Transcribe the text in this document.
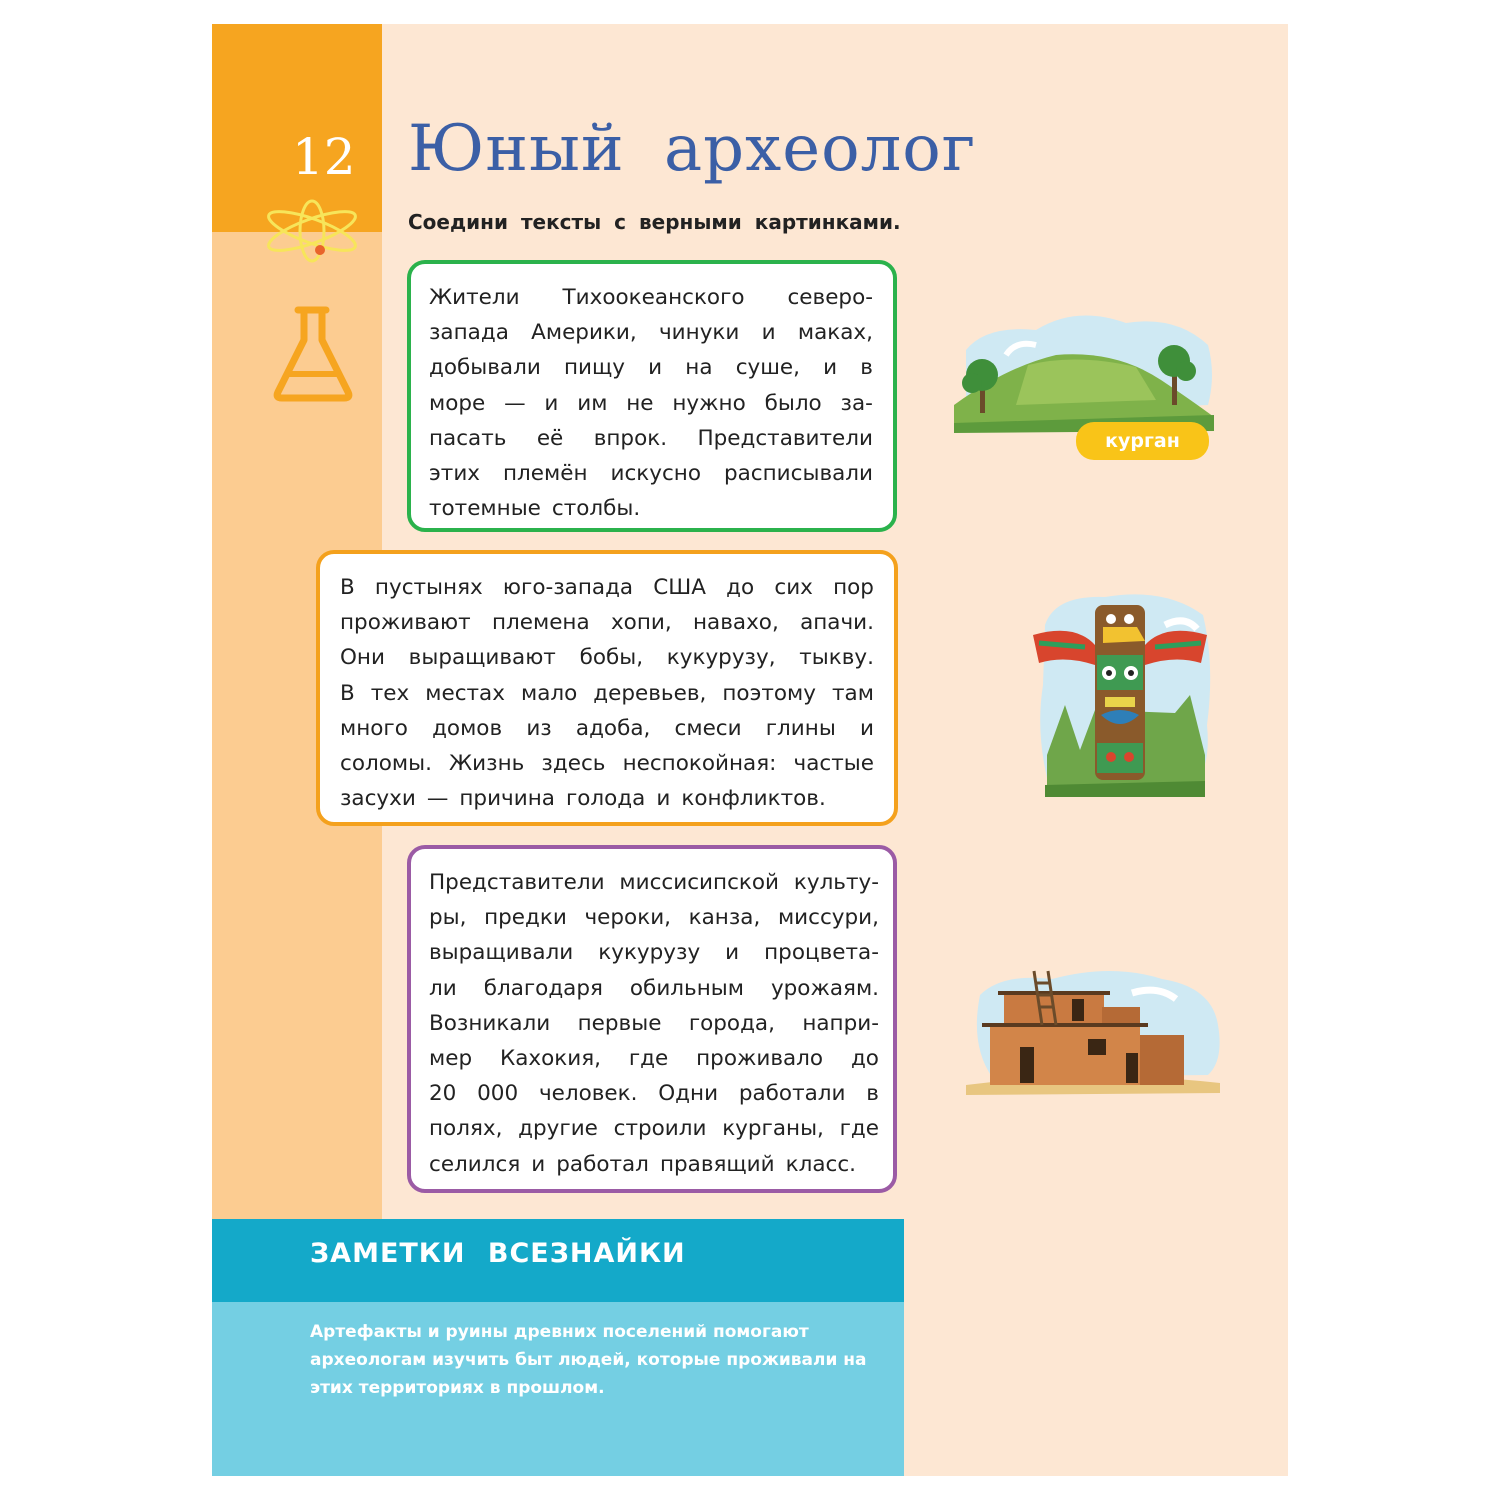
12 Юный археолог
Соедини тексты с верными картинками.
Жители Тихоокеанского северо-
запада Америки, чинуки и маках,
добывали пищу и на суше, и в
море — и им не нужно было за-
пасать её впрок. Представители
этих племён искусно расписывали
тотемные столбы.
В пустынях юго-запада США до сих пор
проживают племена хопи, навахо, апачи.
Они выращивают бобы, кукурузу, тыкву.
В тех местах мало деревьев, поэтому там
много домов из адоба, смеси глины и
соломы. Жизнь здесь неспокойная: частые
засухи — причина голода и конфликтов.
Представители миссисипской культу-
ры, предки чероки, канза, миссури,
выращивали кукурузу и процвета-
ли благодаря обильным урожаям.
Возникали первые города, напри-
мер Кахокия, где проживало до
20 000 человек. Одни работали в
полях, другие строили курганы, где
селился и работал правящий класс.
курган
ЗАМЕТКИ ВСЕЗНАЙКИ
Артефакты и руины древних поселений помогают археологам изучить быт людей, которые проживали на этих территориях в прошлом.
